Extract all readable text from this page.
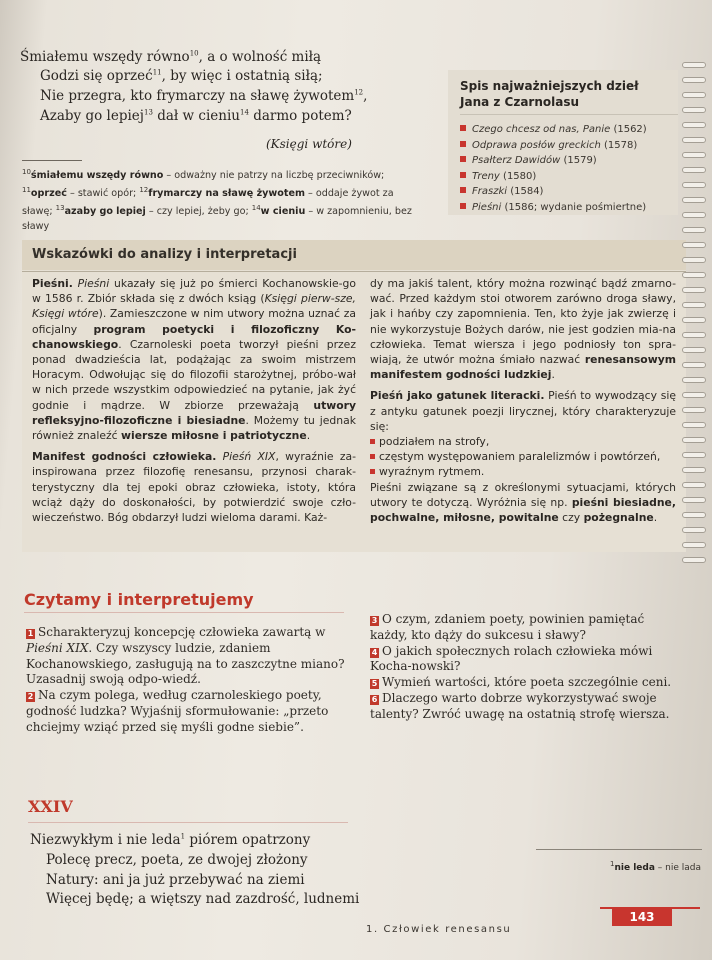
Śmiałemu wszędy równo$^{10}$, a o wolność miłą
Godzi się oprzeć$^{11}$, by więc i ostatnią siłą;
Nie przegra, kto frymarczy na sławę żywotem$^{12}$,
Azaby go lepiej$^{13}$ dał w cieniu$^{14}$ darmo potem?
(Księgi wtóre)
$^{10}$śmiałemu wszędy równo – odważny nie patrzy na liczbę przeciwników; $^{11}$oprzeć – stawić opór; $^{12}$frymarczy na sławę żywotem – oddaje żywot za sławę; $^{13}$azaby go lepiej – czy lepiej, żeby go; $^{14}$w cieniu – w zapomnieniu, bez sławy
Spis najważniejszych dzieł
Jana z Czarnolasu
Czego chcesz od nas, Panie (1562)
Odprawa posłów greckich (1578)
Psałterz Dawidów (1579)
Treny (1580)
Fraszki (1584)
Pieśni (1586; wydanie pośmiertne)
Wskazówki do analizy i interpretacji

Pieśni. Pieśni ukazały się już po śmierci Kochanowskie-go w 1586 r. Zbiór składa się z dwóch ksiąg (Księgi pierw-sze, Księgi wtóre). Zamieszczone w nim utwory można uznać za oficjalny program poetycki i filozoficzny Ko-chanowskiego. Czarnoleski poeta tworzył pieśni przez ponad dwadzieścia lat, podążając za swoim mistrzem Horacym. Odwołując się do filozofii starożytnej, próbo-wał w nich przede wszystkim odpowiedzieć na pytanie, jak żyć godnie i mądrze. W zbiorze przeważają utwory refleksyjno-filozoficzne i biesiadne. Możemy tu jednak również znaleźć wiersze miłosne i patriotyczne.

Manifest godności człowieka. Pieśń XIX, wyraźnie za-inspirowana przez filozofię renesansu, przynosi charak-terystyczny dla tej epoki obraz człowieka, istoty, która wciąż dąży do doskonałości, by potwierdzić swoje czło-wieczeństwo. Bóg obdarzył ludzi wieloma darami. Każ-

dy ma jakiś talent, który można rozwinąć bądź zmarno-wać. Przed każdym stoi otworem zarówno droga sławy, jak i hańby czy zapomnienia. Ten, kto żyje jak zwierzę i nie wykorzystuje Bożych darów, nie jest godzien mia-na człowieka. Temat wiersza i jego podniosły ton spra-wiają, że utwór można śmiało nazwać renesansowym manifestem godności ludzkiej.

Pieśń jako gatunek literacki. Pieśń to wywodzący się z antyku gatunek poezji lirycznej, który charakteryzuje się:

podziałem na strofy,
częstym występowaniem paralelizmów i powtórzeń,
wyraźnym rytmem.

Pieśni związane są z określonymi sytuacjami, których utwory te dotyczą. Wyróżnia się np. pieśni biesiadne, pochwalne, miłosne, powitalne czy pożegnalne.

Czytamy i interpretujemy

1 Scharakteryzuj koncepcję człowieka zawartą w Pieśni XIX. Czy wszyscy ludzie, zdaniem Kochanowskiego, zasługują na to zaszczytne miano? Uzasadnij swoją odpo-wiedź.

2 Na czym polega, według czarnoleskiego poety, godność ludzka? Wyjaśnij sformułowanie: „przeto chciejmy wziąć przed się myśli godne siebie”.

3 O czym, zdaniem poety, powinien pamiętać każdy, kto dąży do sukcesu i sławy?

4 O jakich społecznych rolach człowieka mówi Kocha-nowski?

5 Wymień wartości, które poeta szczególnie ceni.

6 Dlaczego warto dobrze wykorzystywać swoje talenty? Zwróć uwagę na ostatnią strofę wiersza.

XXIV
Niezwykłym i nie leda$^1$ piórem opatrzony
Polecę precz, poeta, ze dwojej złożony
Natury: ani ja już przebywać na ziemi
Więcej będę; a więtszy nad zazdrość, ludnemi
$^1$nie leda – nie lada
143
1. Człowiek renesansu
